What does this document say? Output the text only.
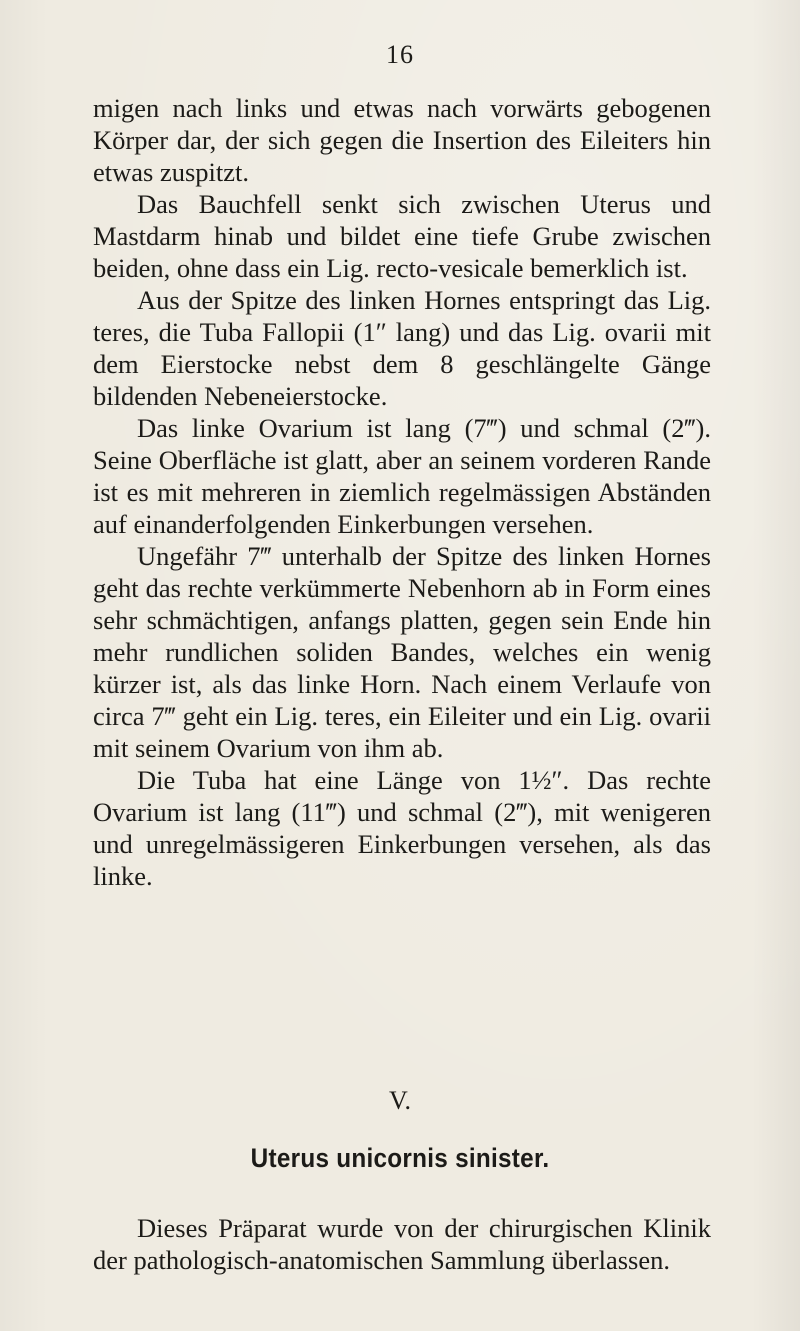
16

migen nach links und etwas nach vorwärts gebogenen Körper dar, der sich gegen die Insertion des Eileiters hin etwas zuspitzt.

Das Bauchfell senkt sich zwischen Uterus und Mastdarm hinab und bildet eine tiefe Grube zwischen beiden, ohne dass ein Lig. recto-vesicale bemerklich ist.

Aus der Spitze des linken Hornes entspringt das Lig. teres, die Tuba Fallopii (1″ lang) und das Lig. ovarii mit dem Eierstocke nebst dem 8 geschlängelte Gänge bildenden Nebeneierstocke.

Das linke Ovarium ist lang (7‴) und schmal (2‴). Seine Oberfläche ist glatt, aber an seinem vorderen Rande ist es mit mehreren in ziemlich regelmässigen Abständen auf einanderfolgenden Einkerbungen versehen.

Ungefähr 7‴ unterhalb der Spitze des linken Hornes geht das rechte verkümmerte Nebenhorn ab in Form eines sehr schmächtigen, anfangs platten, gegen sein Ende hin mehr rundlichen soliden Bandes, welches ein wenig kürzer ist, als das linke Horn. Nach einem Verlaufe von circa 7‴ geht ein Lig. teres, ein Eileiter und ein Lig. ovarii mit seinem Ovarium von ihm ab.

Die Tuba hat eine Länge von 1½″. Das rechte Ovarium ist lang (11‴) und schmal (2‴), mit wenigeren und unregelmässigeren Einkerbungen versehen, als das linke.

V.
Uterus unicornis sinister.

Dieses Präparat wurde von der chirurgischen Klinik der pathologisch-anatomischen Sammlung überlassen.
